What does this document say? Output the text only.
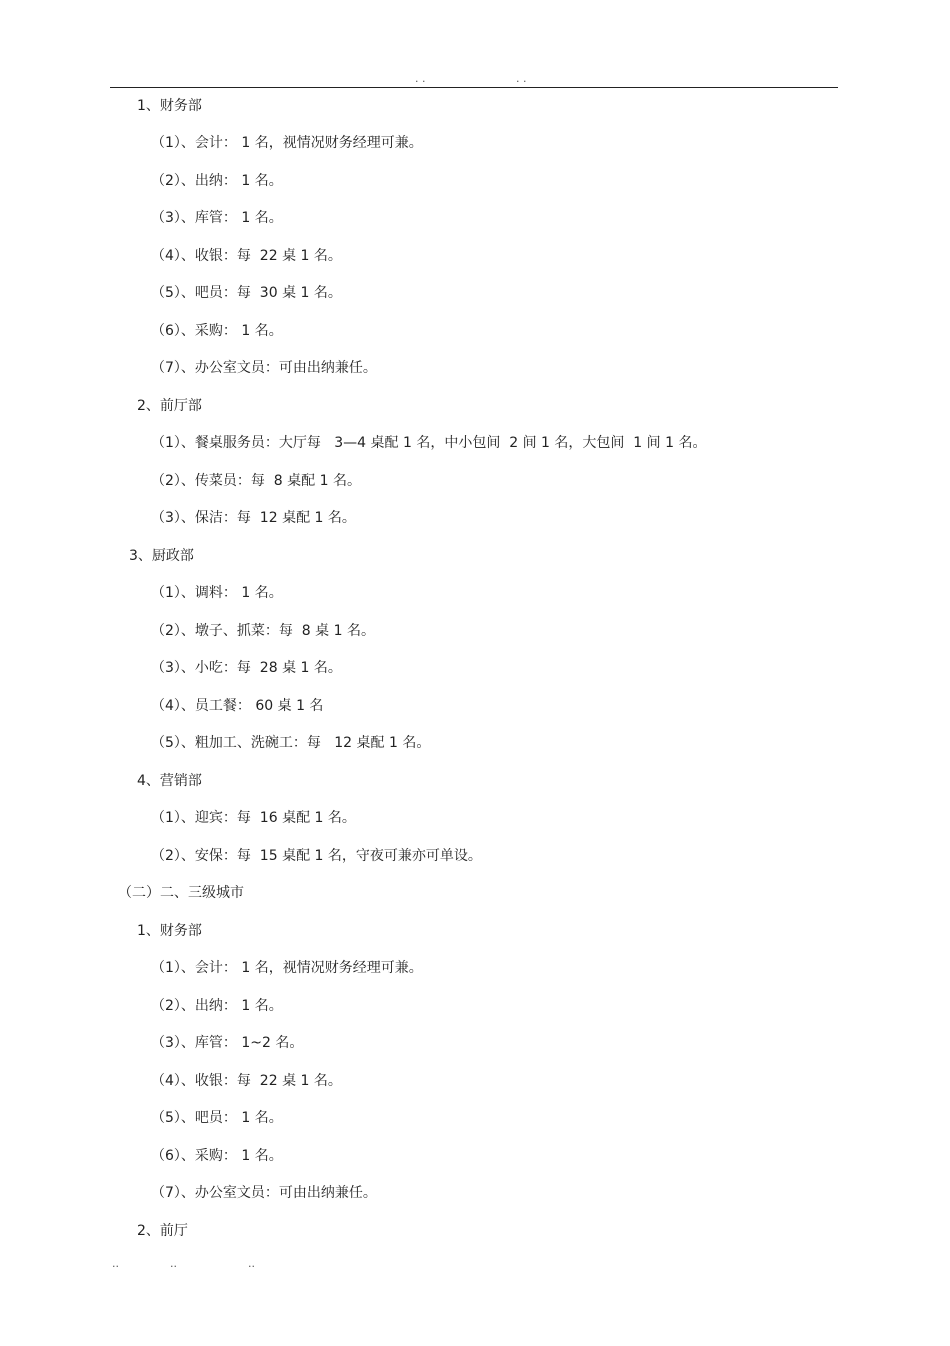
. .	. .
1、财务部
（1）、会计： 1 名，视情况财务经理可兼。
（2）、出纳： 1 名。
（3）、库管： 1 名。
（4）、收银：每  22 桌 1 名。
（5）、吧员：每  30 桌 1 名。
（6）、采购： 1 名。
（7）、办公室文员：可由出纳兼任。
2、前厅部
（1）、餐桌服务员：大厅每   3—4 桌配 1 名，中小包间  2 间 1 名，大包间  1 间 1 名。
（2）、传菜员：每  8 桌配 1 名。
（3）、保洁：每  12 桌配 1 名。
3、厨政部
（1）、调料： 1 名。
（2）、墩子、抓菜：每  8 桌 1 名。
（3）、小吃：每  28 桌 1 名。
（4）、员工餐： 60 桌 1 名
（5）、粗加工、洗碗工：每   12 桌配 1 名。
4、营销部
（1）、迎宾：每  16 桌配 1 名。
（2）、安保：每  15 桌配 1 名，守夜可兼亦可单设。
（二）二、三级城市
1、财务部
（1）、会计： 1 名，视情况财务经理可兼。
（2）、出纳： 1 名。
（3）、库管： 1~2 名。
（4）、收银：每  22 桌 1 名。
（5）、吧员： 1 名。
（6）、采购： 1 名。
（7）、办公室文员：可由出纳兼任。
2、前厅
..	..	..
